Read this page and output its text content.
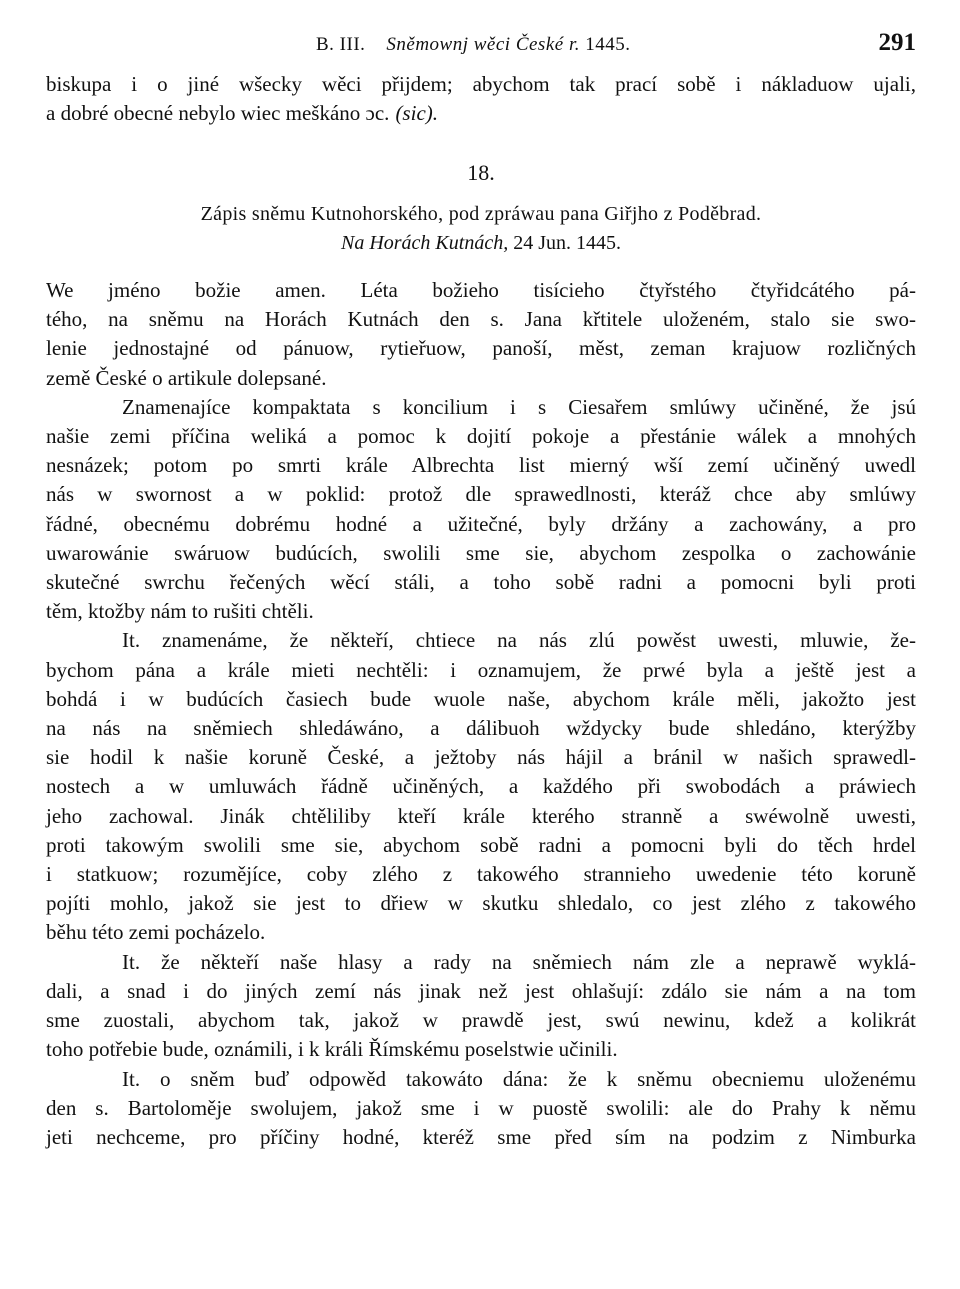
B. III. Sněmownj wěci České r. 1445.	291
biskupa i o jiné wšecky wěci přijdem; abychom tak prací sobě i nákladuow ujali,
a dobré obecné nebylo wiec meškáno ɔc. (sic).

18.

Zápis sněmu Kutnohorského, pod zpráwau pana Giřjho z Poděbrad.

Na Horách Kutnách, 24 Jun. 1445.

We jméno božie amen. Léta božieho tisícieho čtyřstého čtyřidcátého pá-
tého, na sněmu na Horách Kutnách den s. Jana křtitele uloženém, stalo sie swo-
lenie jednostajné od pánuow, rytieřuow, panoší, měst, zeman krajuow rozličných
země České o artikule dolepsané.
Znamenajíce kompaktata s koncilium i s Ciesařem smlúwy učiněné, že jsú
našie zemi příčina weliká a pomoc k dojití pokoje a přestánie wálek a mnohých
nesnázek; potom po smrti krále Albrechta list mierný wší zemí učiněný uwedl
nás w swornost a w poklid: protož dle sprawedlnosti, kteráž chce aby smlúwy
řádné, obecnému dobrému hodné a užitečné, byly držány a zachowány, a pro
uwarowánie swáruow budúcích, swolili sme sie, abychom zespolka o zachowánie
skutečné swrchu řečených wěcí stáli, a toho sobě radni a pomocni byli proti
těm, ktožby nám to rušiti chtěli.
It. znamenáme, že někteří, chtiece na nás zlú powěst uwesti, mluwie, že-
bychom pána a krále mieti nechtěli: i oznamujem, že prwé byla a ještě jest a
bohdá i w budúcích časiech bude wuole naše, abychom krále měli, jakožto jest
na nás na sněmiech shledáwáno, a dálibuoh wždycky bude shledáno, kterýžby
sie hodil k našie koruně České, a ježtoby nás hájil a bránil w našich sprawedl-
nostech a w umluwách řádně učiněných, a každého při swobodách a práwiech
jeho zachowal. Jinák chtěliliby kteří krále kterého stranně a swéwolně uwesti,
proti takowým swolili sme sie, abychom sobě radni a pomocni byli do těch hrdel
i statkuow; rozumějíce, coby zlého z takowého strannieho uwedenie této koruně
pojíti mohlo, jakož sie jest to dřiew w skutku shledalo, co jest zlého z takowého
běhu této zemi pocházelo.
It. že někteří naše hlasy a rady na sněmiech nám zle a neprawě wyklá-
dali, a snad i do jiných zemí nás jinak než jest ohlašují: zdálo sie nám a na tom
sme zuostali, abychom tak, jakož w prawdě jest, swú newinu, kdež a kolikrát
toho potřebie bude, oznámili, i k králi Římskému poselstwie učinili.
It. o sněm buď odpowěd takowáto dána: že k sněmu obecniemu uloženému
den s. Bartoloměje swolujem, jakož sme i w puostě swolili: ale do Prahy k němu
jeti nechceme, pro příčiny hodné, kteréž sme před sím na podzim z Nimburka
